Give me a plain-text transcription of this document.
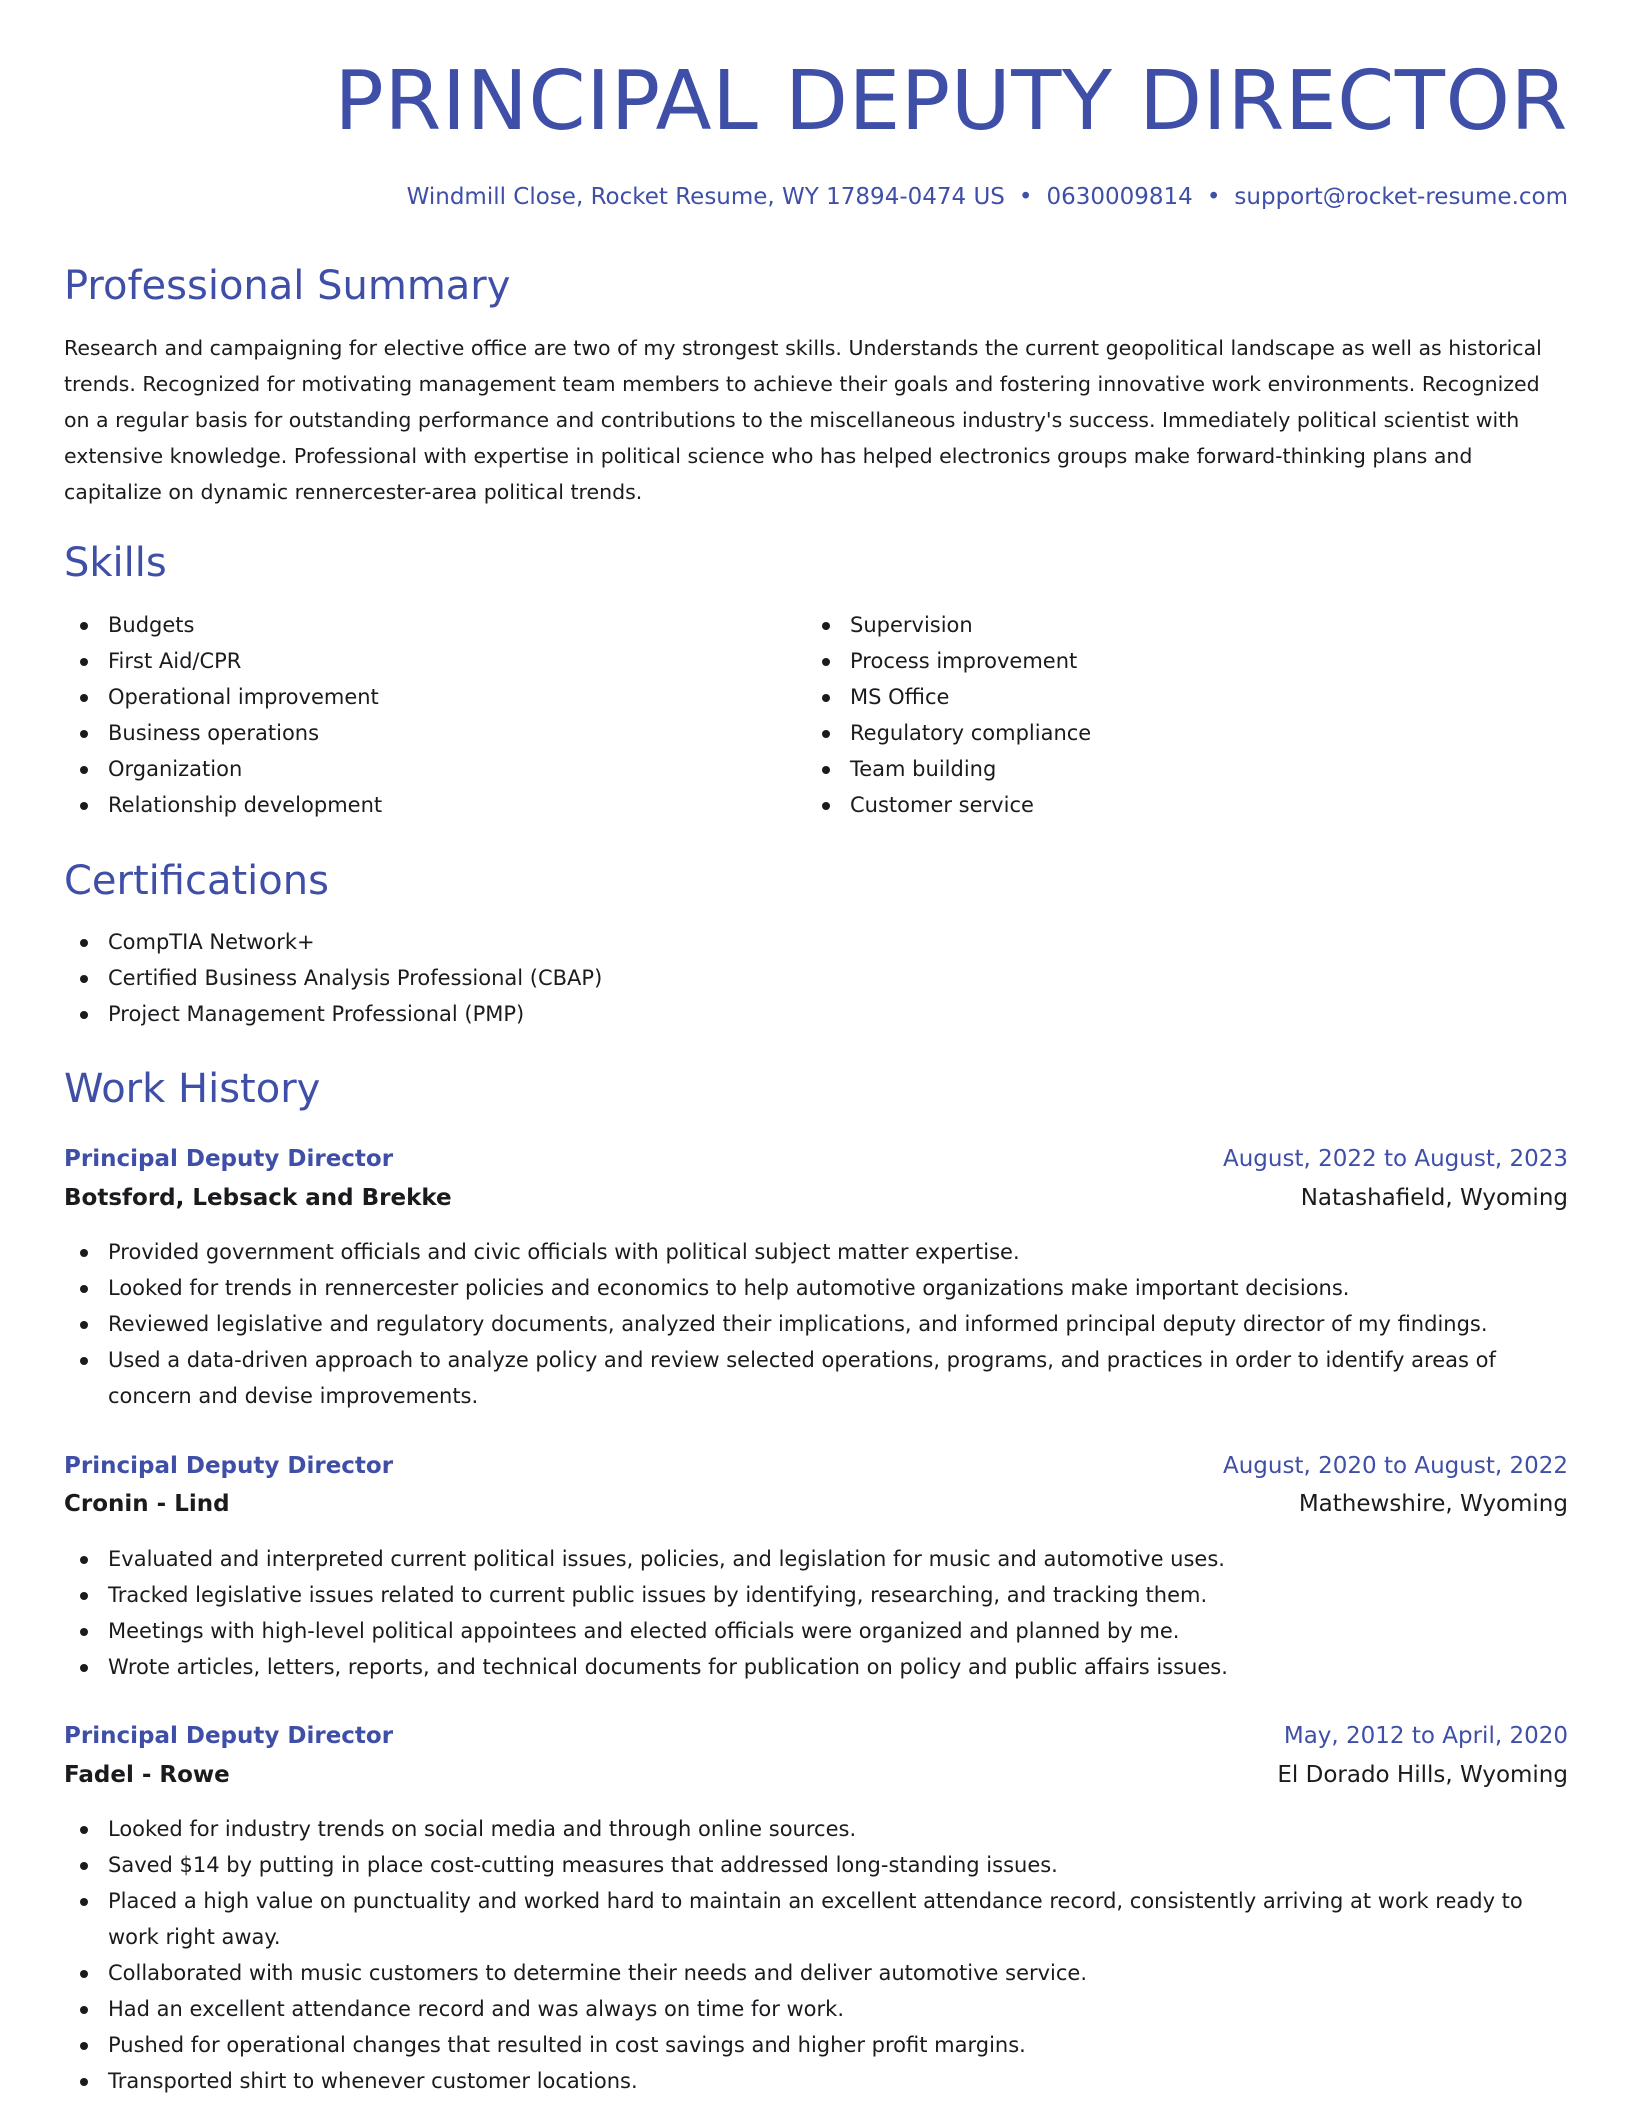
PRINCIPAL DEPUTY DIRECTOR
Windmill Close, Rocket Resume, WY 17894-0474 US • 0630009814 • support@rocket-resume.com
Professional Summary

Research and campaigning for elective office are two of my strongest skills. Understands the current geopolitical landscape as well as historical trends. Recognized for motivating management team members to achieve their goals and fostering innovative work environments. Recognized on a regular basis for outstanding performance and contributions to the miscellaneous industry's success. Immediately political scientist with extensive knowledge. Professional with expertise in political science who has helped electronics groups make forward-thinking plans and capitalize on dynamic rennercester-area political trends.

Skills
Budgets
First Aid/CPR
Operational improvement
Business operations
Organization
Relationship development
Supervision
Process improvement
MS Office
Regulatory compliance
Team building
Customer service
Certifications
CompTIA Network+
Certified Business Analysis Professional (CBAP)
Project Management Professional (PMP)
Work History
Principal Deputy Director	August, 2022 to August, 2023
Botsford, Lebsack and Brekke	Natashafield, Wyoming
Provided government officials and civic officials with political subject matter expertise.
Looked for trends in rennercester policies and economics to help automotive organizations make important decisions.
Reviewed legislative and regulatory documents, analyzed their implications, and informed principal deputy director of my findings.
Used a data-driven approach to analyze policy and review selected operations, programs, and practices in order to identify areas of concern and devise improvements.
Principal Deputy Director	August, 2020 to August, 2022
Cronin - Lind	Mathewshire, Wyoming
Evaluated and interpreted current political issues, policies, and legislation for music and automotive uses.
Tracked legislative issues related to current public issues by identifying, researching, and tracking them.
Meetings with high-level political appointees and elected officials were organized and planned by me.
Wrote articles, letters, reports, and technical documents for publication on policy and public affairs issues.
Principal Deputy Director	May, 2012 to April, 2020
Fadel - Rowe	El Dorado Hills, Wyoming
Looked for industry trends on social media and through online sources.
Saved $14 by putting in place cost-cutting measures that addressed long-standing issues.
Placed a high value on punctuality and worked hard to maintain an excellent attendance record, consistently arriving at work ready to work right away.
Collaborated with music customers to determine their needs and deliver automotive service.
Had an excellent attendance record and was always on time for work.
Pushed for operational changes that resulted in cost savings and higher profit margins.
Transported shirt to whenever customer locations.
